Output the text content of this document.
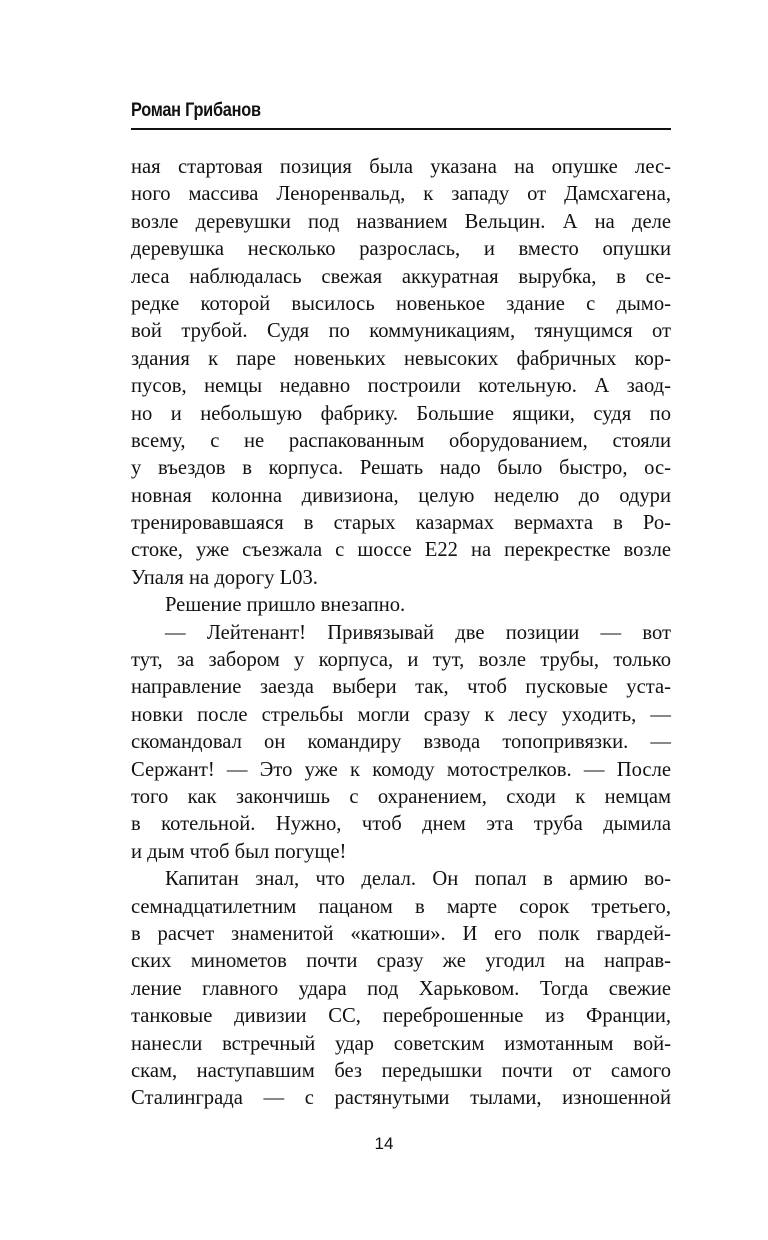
Роман Грибанов
ная стартовая позиция была указана на опушке лес-
ного массива Леноренвальд, к западу от Дамсхагена,
возле деревушки под названием Вельцин. А на деле
деревушка несколько разрослась, и вместо опушки
леса наблюдалась свежая аккуратная вырубка, в се-
редке которой высилось новенькое здание с дымо-
вой трубой. Судя по коммуникациям, тянущимся от
здания к паре новеньких невысоких фабричных кор-
пусов, немцы недавно построили котельную. А заод-
но и небольшую фабрику. Большие ящики, судя по
всему, с не распакованным оборудованием, стояли
у въездов в корпуса. Решать надо было быстро, ос-
новная колонна дивизиона, целую неделю до одури
тренировавшаяся в старых казармах вермахта в Ро-
стоке, уже съезжала с шоссе Е22 на перекрестке возле
Упаля на дорогу L03.
Решение пришло внезапно.
— Лейтенант! Привязывай две позиции — вот
тут, за забором у корпуса, и тут, возле трубы, только
направление заезда выбери так, чтоб пусковые уста-
новки после стрельбы могли сразу к лесу уходить, —
скомандовал он командиру взвода топопривязки. —
Сержант! — Это уже к комоду мотострелков. — После
того как закончишь с охранением, сходи к немцам
в котельной. Нужно, чтоб днем эта труба дымила
и дым чтоб был погуще!
Капитан знал, что делал. Он попал в армию во-
семнадцатилетним пацаном в марте сорок третьего,
в расчет знаменитой «катюши». И его полк гвардей-
ских минометов почти сразу же угодил на направ-
ление главного удара под Харьковом. Тогда свежие
танковые дивизии СС, переброшенные из Франции,
нанесли встречный удар советским измотанным вой-
скам, наступавшим без передышки почти от самого
Сталинграда — с растянутыми тылами, изношенной
14
